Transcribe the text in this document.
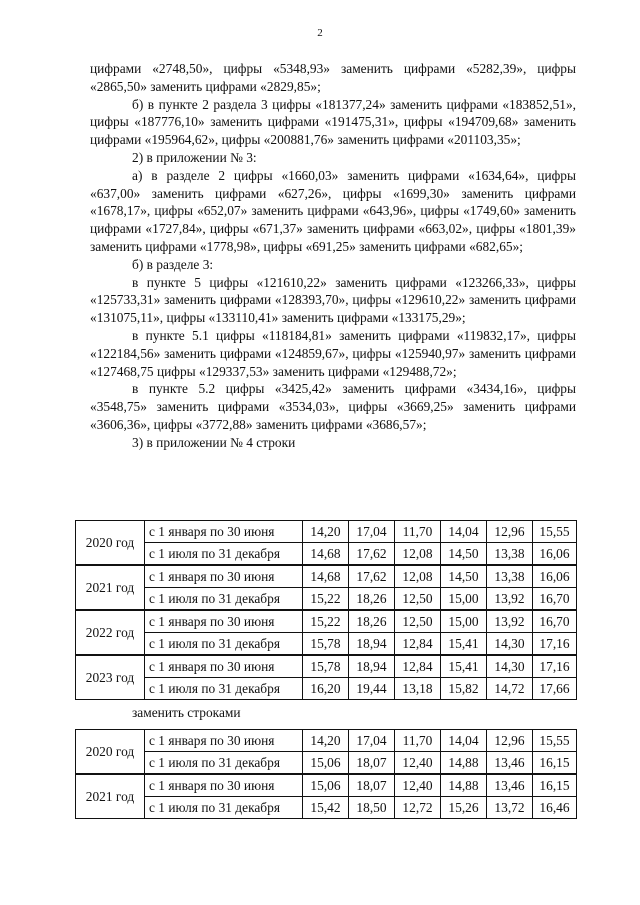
2

цифрами «2748,50», цифры «5348,93» заменить цифрами «5282,39», цифры «2865,50» заменить цифрами «2829,85»;

б) в пункте 2 раздела 3 цифры «181377,24» заменить цифрами «183852,51», цифры «187776,10» заменить цифрами «191475,31», цифры «194709,68» заменить цифрами «195964,62», цифры «200881,76» заменить цифрами «201103,35»;

2) в приложении № 3:

а) в разделе 2 цифры «1660,03» заменить цифрами «1634,64», цифры «637,00» заменить цифрами «627,26», цифры «1699,30» заменить цифрами «1678,17», цифры «652,07» заменить цифрами «643,96», цифры «1749,60» заменить цифрами «1727,84», цифры «671,37» заменить цифрами «663,02», цифры «1801,39» заменить цифрами «1778,98», цифры «691,25» заменить цифрами «682,65»;

б) в разделе 3:

в пункте 5 цифры «121610,22» заменить цифрами «123266,33», цифры «125733,31» заменить цифрами «128393,70», цифры «129610,22» заменить цифрами «131075,11», цифры «133110,41» заменить цифрами «133175,29»;

в пункте 5.1 цифры «118184,81» заменить цифрами «119832,17», цифры «122184,56» заменить цифрами «124859,67», цифры «125940,97» заменить цифрами «127468,75 цифры «129337,53» заменить цифрами «129488,72»;

в пункте 5.2 цифры «3425,42» заменить цифрами «3434,16», цифры «3548,75» заменить цифрами «3534,03», цифры «3669,25» заменить цифрами «3606,36», цифры «3772,88» заменить цифрами «3686,57»;

3) в приложении № 4 строки

2020 год	с 1 января по 30 июня	14,20	17,04	11,70	14,04	12,96	15,55
	с 1 июля по 31 декабря	14,68	17,62	12,08	14,50	13,38	16,06
2021 год	с 1 января по 30 июня	14,68	17,62	12,08	14,50	13,38	16,06
	с 1 июля по 31 декабря	15,22	18,26	12,50	15,00	13,92	16,70
2022 год	с 1 января по 30 июня	15,22	18,26	12,50	15,00	13,92	16,70
	с 1 июля по 31 декабря	15,78	18,94	12,84	15,41	14,30	17,16
2023 год	с 1 января по 30 июня	15,78	18,94	12,84	15,41	14,30	17,16
	с 1 июля по 31 декабря	16,20	19,44	13,18	15,82	14,72	17,66
заменить строками
2020 год	с 1 января по 30 июня	14,20	17,04	11,70	14,04	12,96	15,55
	с 1 июля по 31 декабря	15,06	18,07	12,40	14,88	13,46	16,15
2021 год	с 1 января по 30 июня	15,06	18,07	12,40	14,88	13,46	16,15
	с 1 июля по 31 декабря	15,42	18,50	12,72	15,26	13,72	16,46
